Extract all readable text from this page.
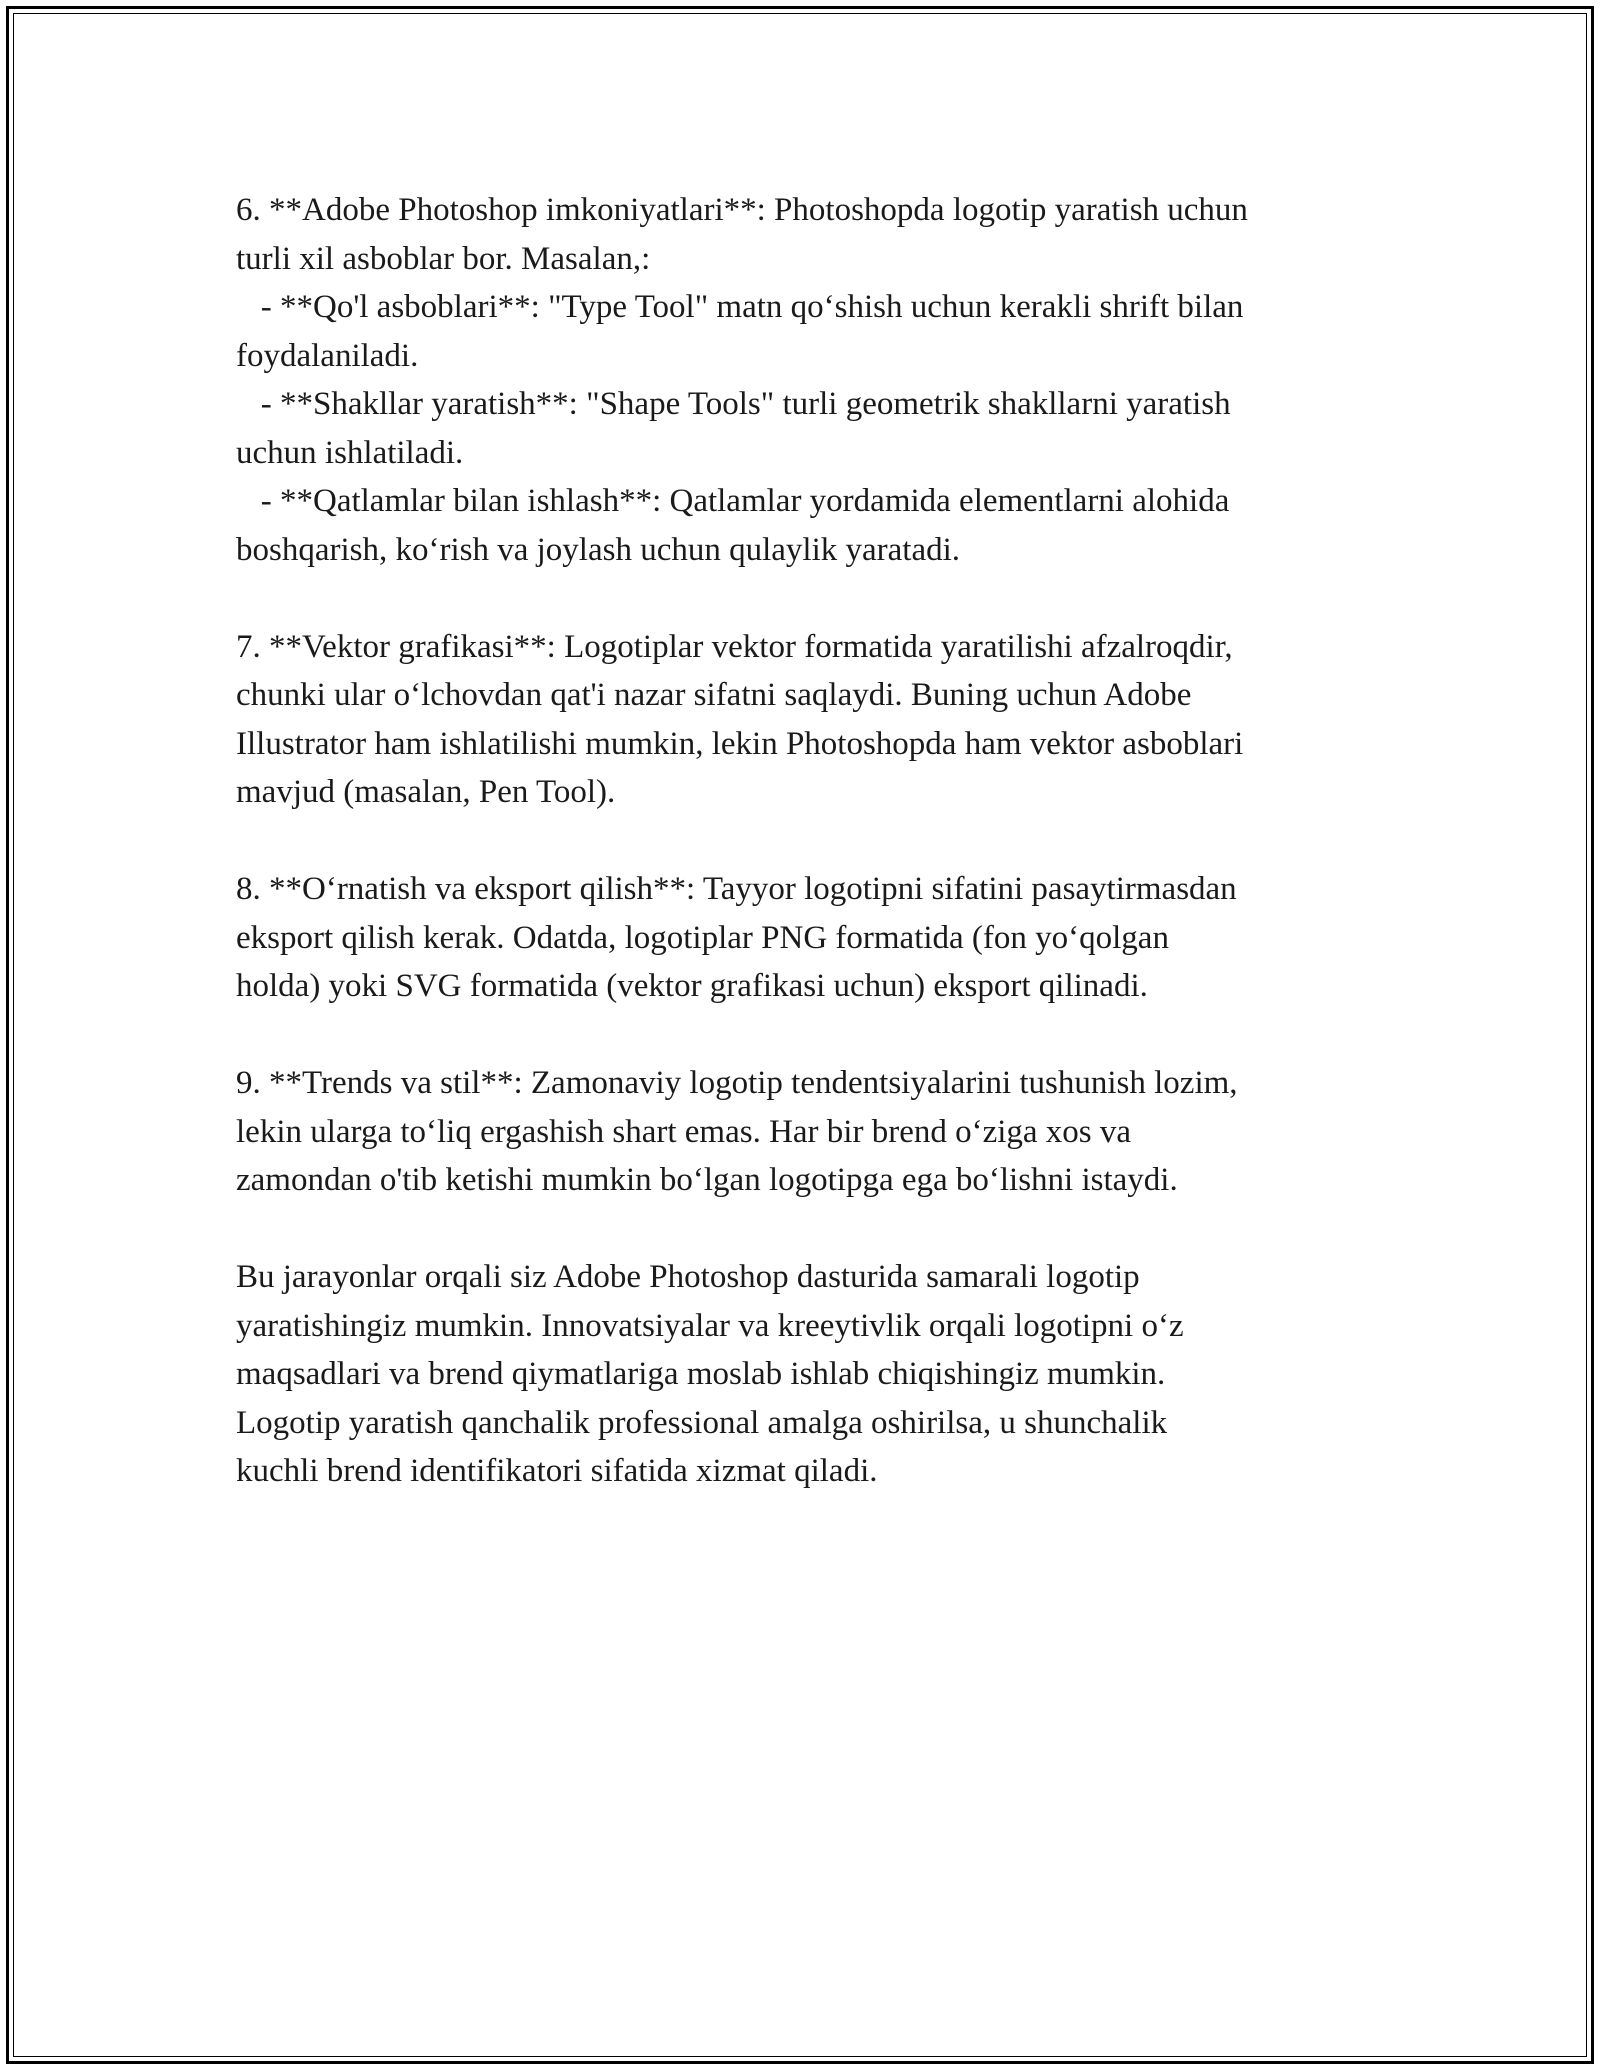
6. **Adobe Photoshop imkoniyatlari**: Photoshopda logotip yaratish uchun
turli xil asboblar bor. Masalan,:
- **Qo'l asboblari**: "Type Tool" matn qo‘shish uchun kerakli shrift bilan
foydalaniladi.
- **Shakllar yaratish**: "Shape Tools" turli geometrik shakllarni yaratish
uchun ishlatiladi.
- **Qatlamlar bilan ishlash**: Qatlamlar yordamida elementlarni alohida
boshqarish, ko‘rish va joylash uchun qulaylik yaratadi.
7. **Vektor grafikasi**: Logotiplar vektor formatida yaratilishi afzalroqdir,
chunki ular o‘lchovdan qat'i nazar sifatni saqlaydi. Buning uchun Adobe
Illustrator ham ishlatilishi mumkin, lekin Photoshopda ham vektor asboblari
mavjud (masalan, Pen Tool).
8. **O‘rnatish va eksport qilish**: Tayyor logotipni sifatini pasaytirmasdan
eksport qilish kerak. Odatda, logotiplar PNG formatida (fon yo‘qolgan
holda) yoki SVG formatida (vektor grafikasi uchun) eksport qilinadi.
9. **Trends va stil**: Zamonaviy logotip tendentsiyalarini tushunish lozim,
lekin ularga to‘liq ergashish shart emas. Har bir brend o‘ziga xos va
zamondan o'tib ketishi mumkin bo‘lgan logotipga ega bo‘lishni istaydi.
Bu jarayonlar orqali siz Adobe Photoshop dasturida samarali logotip
yaratishingiz mumkin. Innovatsiyalar va kreeytivlik orqali logotipni o‘z
maqsadlari va brend qiymatlariga moslab ishlab chiqishingiz mumkin.
Logotip yaratish qanchalik professional amalga oshirilsa, u shunchalik
kuchli brend identifikatori sifatida xizmat qiladi.
